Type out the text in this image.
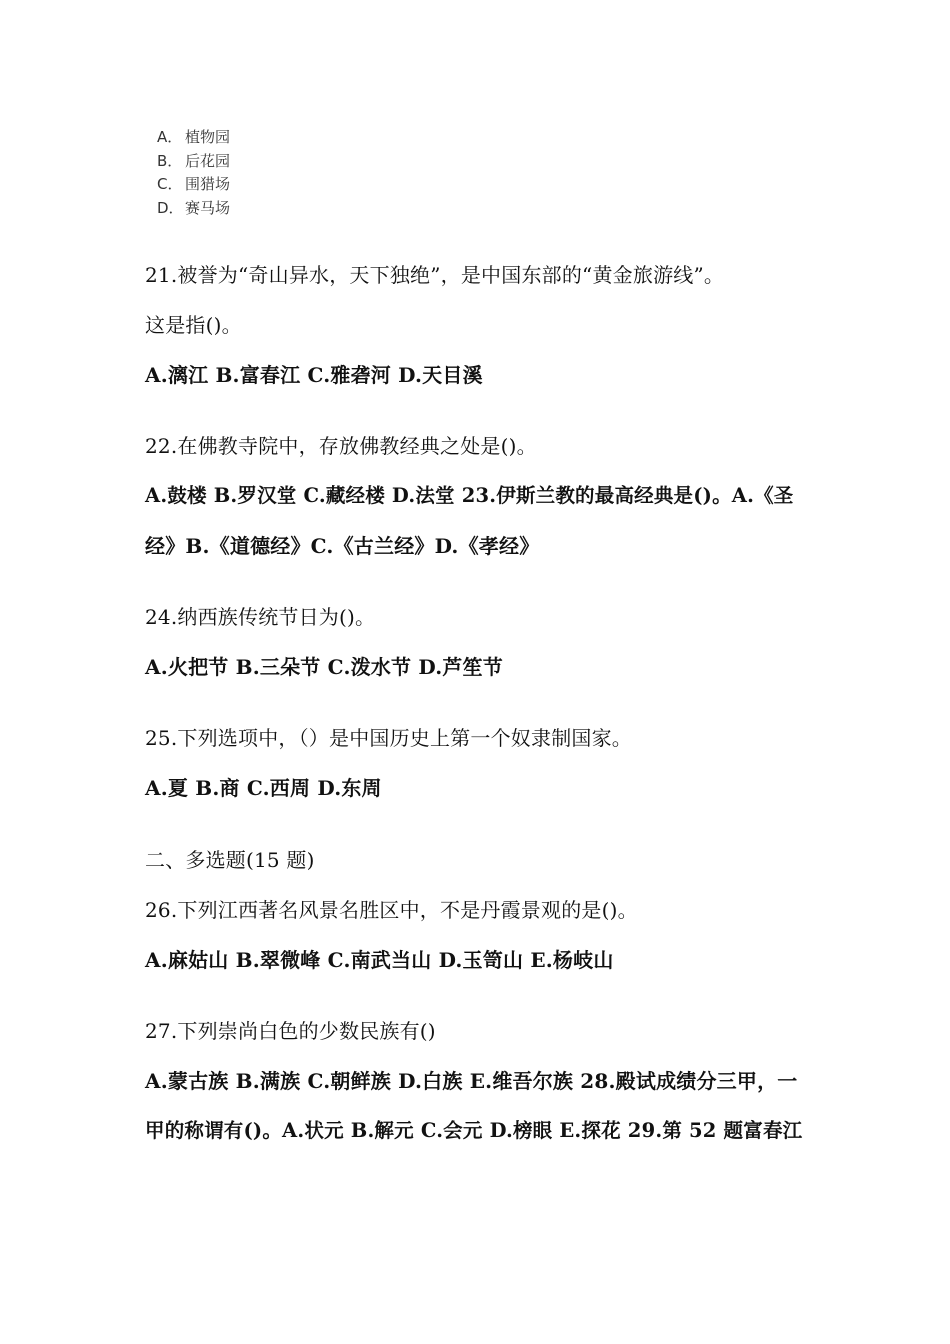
A． 植物园
B． 后花园
C． 围猎场
D．赛马场
21.被誉为“奇山异水，天下独绝”，是中国东部的“黄金旅游线”。
这是指()。
A.漓江 B.富春江 C.雅砻河 D.天目溪
22.在佛教寺院中，存放佛教经典之处是()。
A.鼓楼 B.罗汉堂 C.藏经楼 D.法堂 23.伊斯兰教的最高经典是()。A.《圣
经》B.《道德经》C.《古兰经》D.《孝经》
24.纳西族传统节日为()。
A.火把节 B.三朵节 C.泼水节 D.芦笙节
25.下列选项中，（）是中国历史上第一个奴隶制国家。
A.夏 B.商 C.西周 D.东周
二、多选题(15 题)
26.下列江西著名风景名胜区中，不是丹霞景观的是()。
A.麻姑山 B.翠微峰 C.南武当山 D.玉笥山 E.杨岐山
27.下列崇尚白色的少数民族有()
A.蒙古族 B.满族 C.朝鲜族 D.白族 E.维吾尔族 28.殿试成绩分三甲，一
甲的称谓有()。A.状元 B.解元 C.会元 D.榜眼 E.探花 29.第 52 题富春江
